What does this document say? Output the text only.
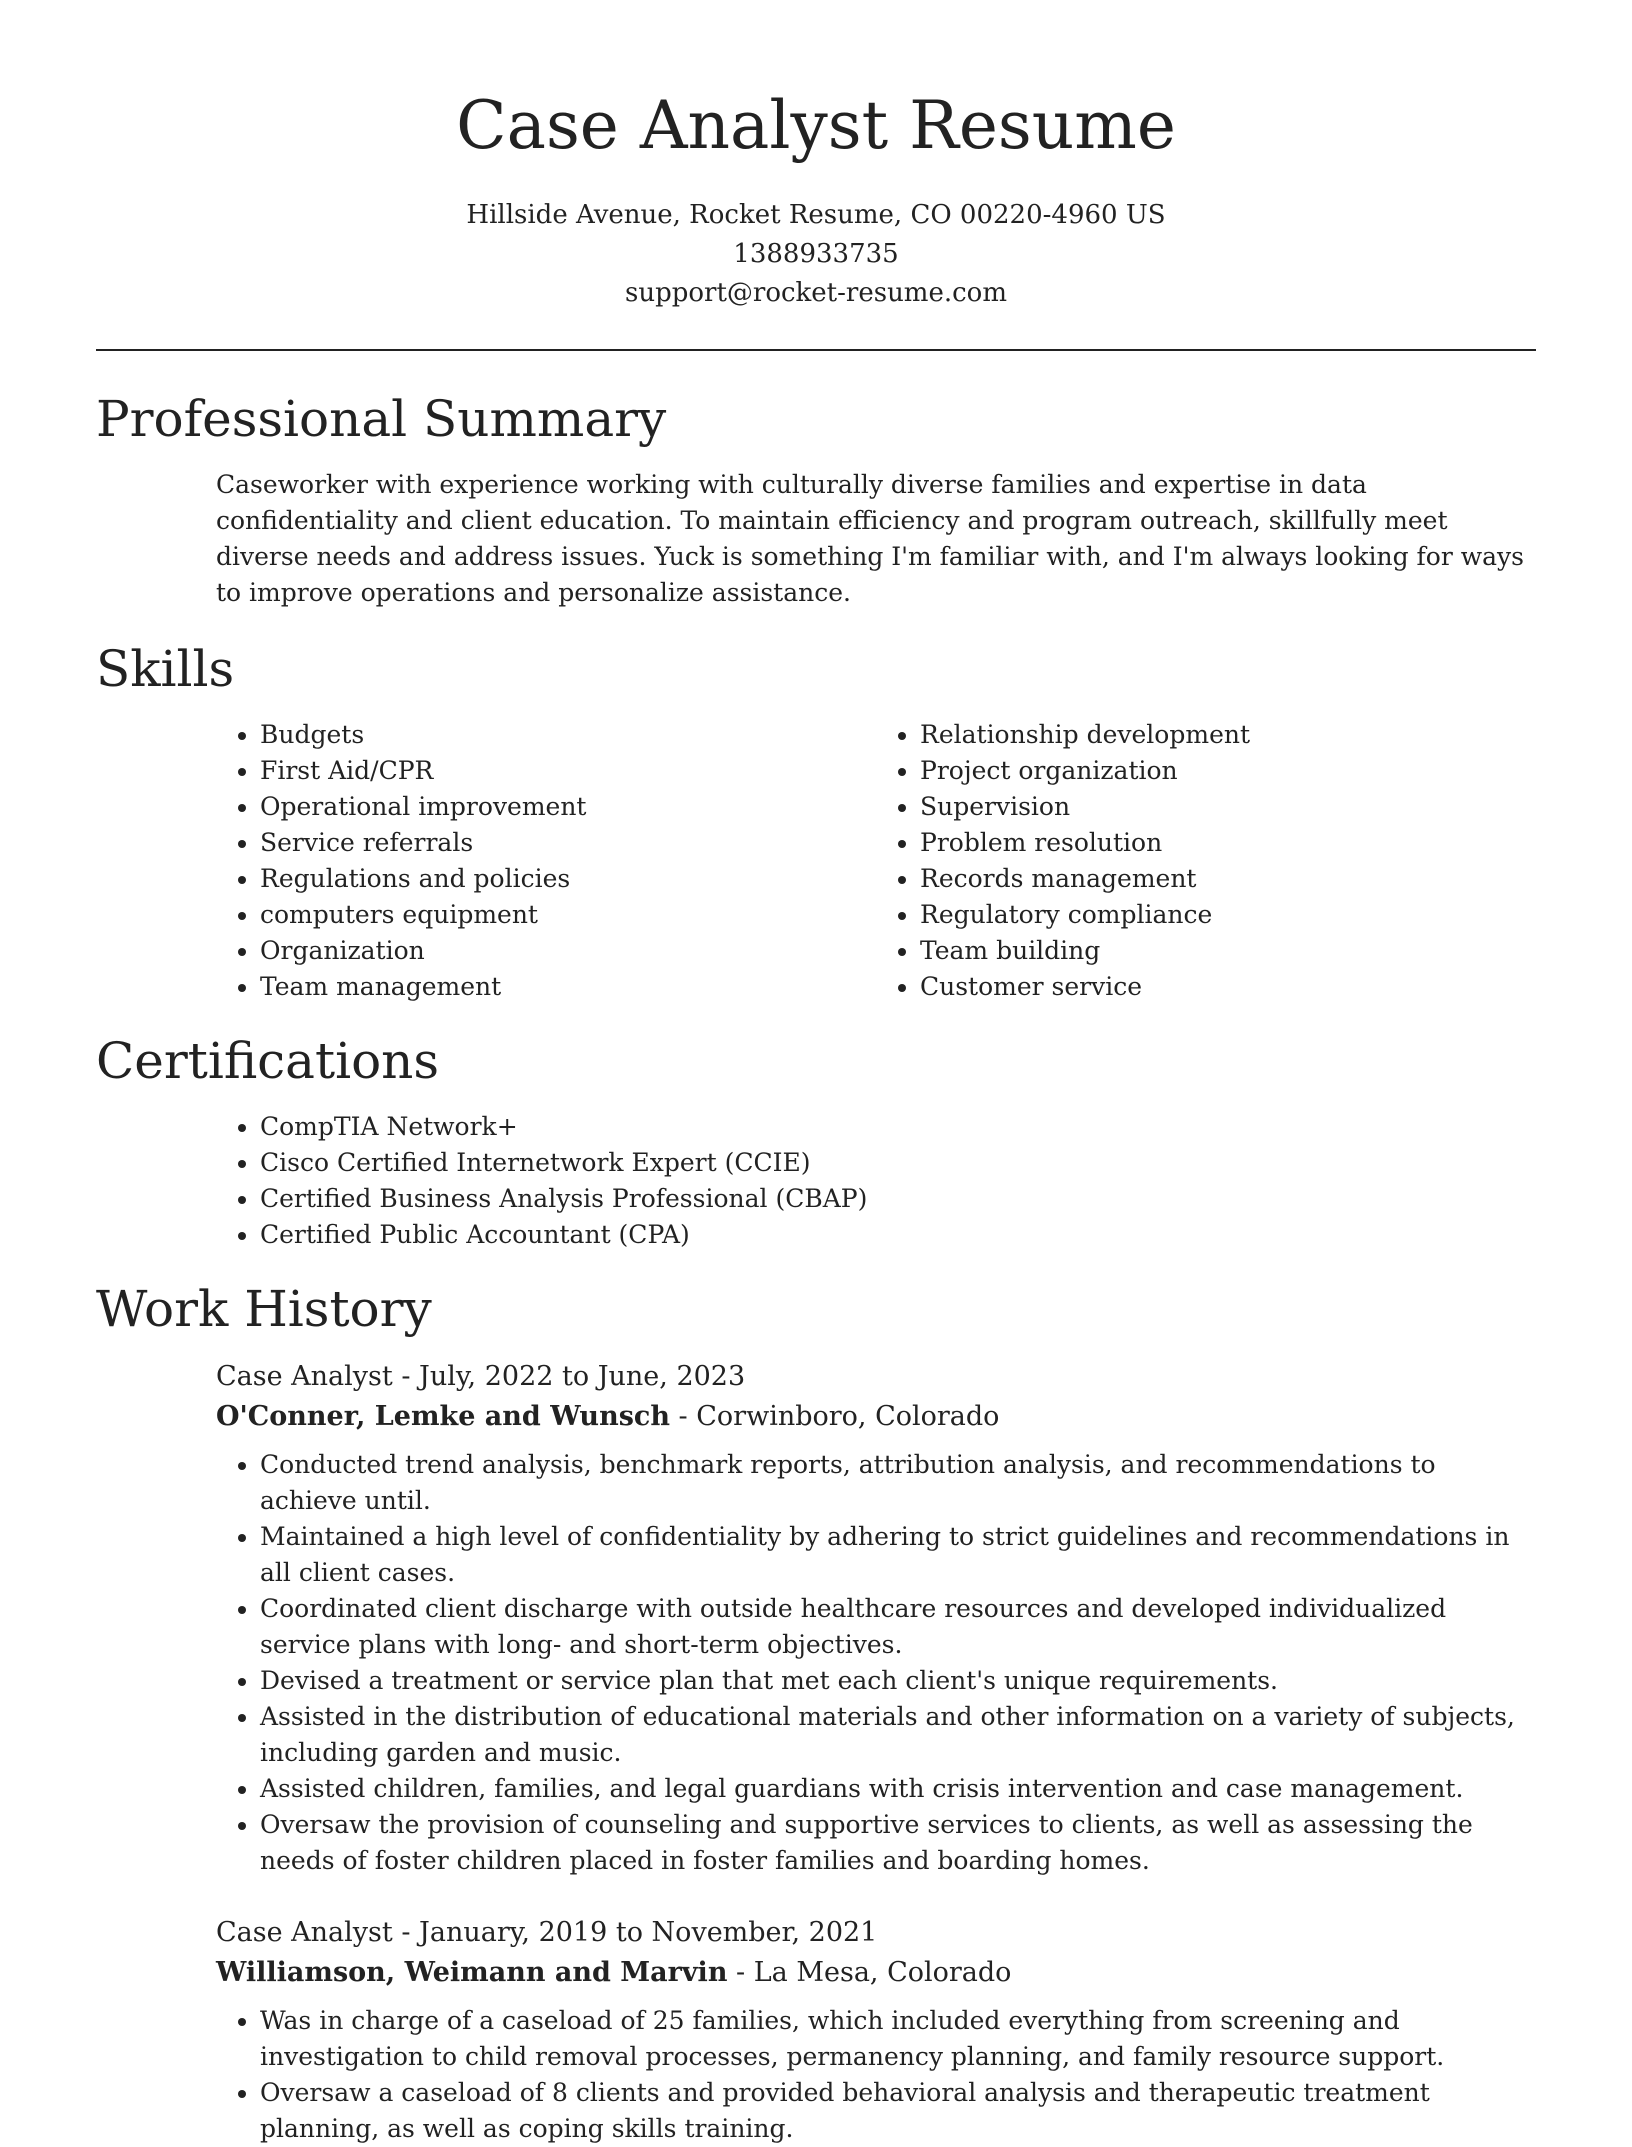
Case Analyst Resume
Hillside Avenue, Rocket Resume, CO 00220-4960 US
1388933735
support@rocket-resume.com
Professional Summary
Caseworker with experience working with culturally diverse families and expertise in data confidentiality and client education. To maintain efficiency and program outreach, skillfully meet diverse needs and address issues. Yuck is something I'm familiar with, and I'm always looking for ways to improve operations and personalize assistance.
Skills
• Budgets
• First Aid/CPR
• Operational improvement
• Service referrals
• Regulations and policies
• computers equipment
• Organization
• Team management
• Relationship development
• Project organization
• Supervision
• Problem resolution
• Records management
• Regulatory compliance
• Team building
• Customer service
Certifications
• CompTIA Network+
• Cisco Certified Internetwork Expert (CCIE)
• Certified Business Analysis Professional (CBAP)
• Certified Public Accountant (CPA)
Work History
Case Analyst - July, 2022 to June, 2023
O'Conner, Lemke and Wunsch - Corwinboro, Colorado
• Conducted trend analysis, benchmark reports, attribution analysis, and recommendations to achieve until.
• Maintained a high level of confidentiality by adhering to strict guidelines and recommendations in all client cases.
• Coordinated client discharge with outside healthcare resources and developed individualized service plans with long- and short-term objectives.
• Devised a treatment or service plan that met each client's unique requirements.
• Assisted in the distribution of educational materials and other information on a variety of subjects, including garden and music.
• Assisted children, families, and legal guardians with crisis intervention and case management.
• Oversaw the provision of counseling and supportive services to clients, as well as assessing the needs of foster children placed in foster families and boarding homes.
Case Analyst - January, 2019 to November, 2021
Williamson, Weimann and Marvin - La Mesa, Colorado
• Was in charge of a caseload of 25 families, which included everything from screening and investigation to child removal processes, permanency planning, and family resource support.
• Oversaw a caseload of 8 clients and provided behavioral analysis and therapeutic treatment planning, as well as coping skills training.
